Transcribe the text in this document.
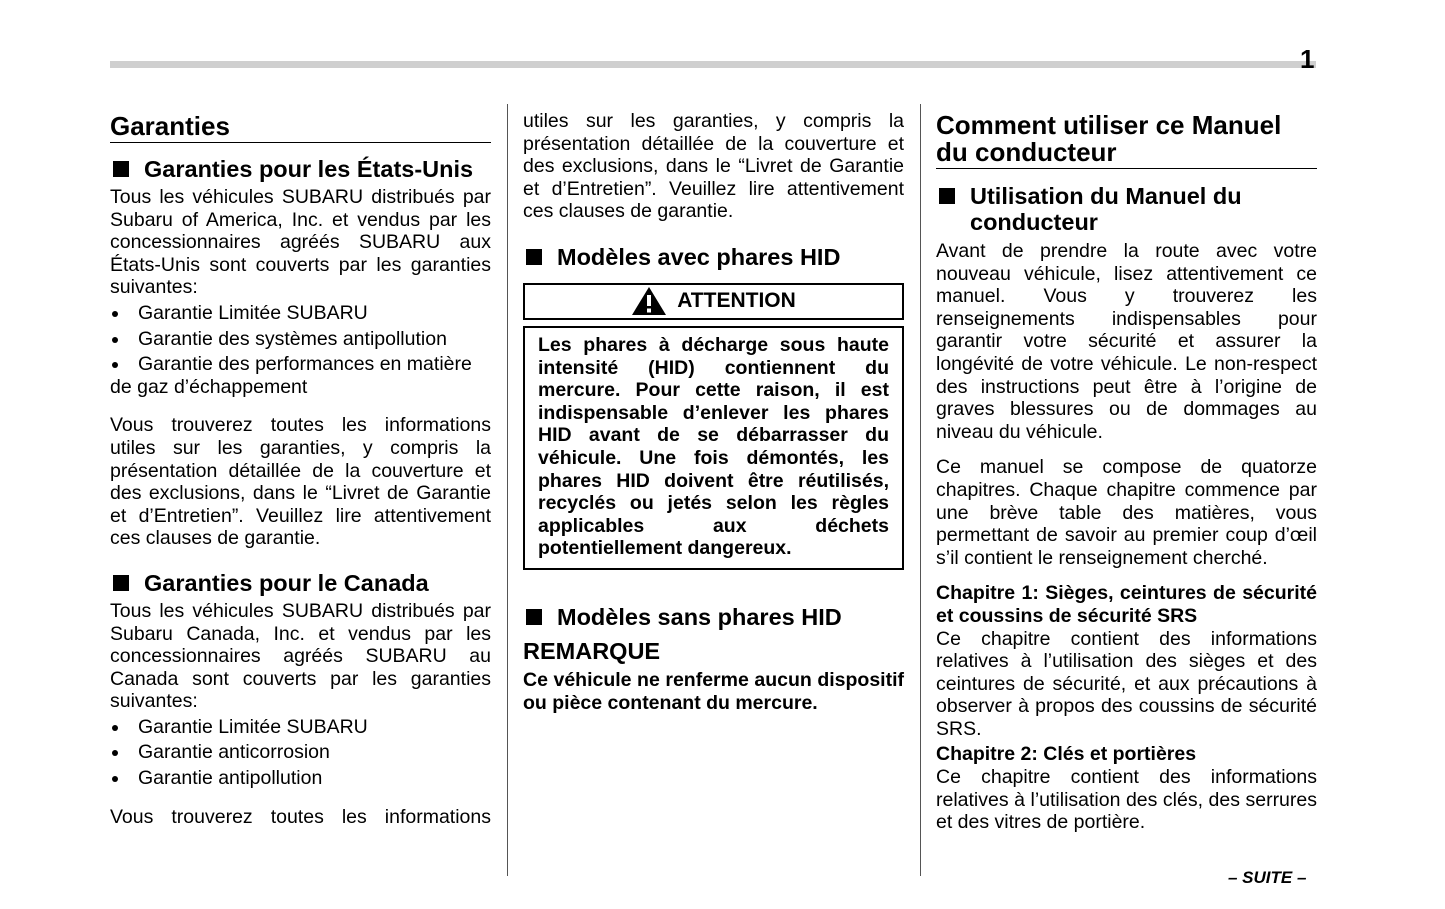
1
Garanties
Garanties pour les États-Unis

Tous les véhicules SUBARU distribués par Subaru of America, Inc. et vendus par les concessionnaires agréés SUBARU aux États-Unis sont couverts par les garanties suivantes:

Garantie Limitée SUBARU
Garantie des systèmes antipollution
Garantie des performances en matière de gaz d’échappement

Vous trouverez toutes les informations utiles sur les garanties, y compris la présentation détaillée de la couverture et des exclusions, dans le “Livret de Garantie et d’Entretien”. Veuillez lire attentivement ces clauses de garantie.

Garanties pour le Canada

Tous les véhicules SUBARU distribués par Subaru Canada, Inc. et vendus par les concessionnaires agréés SUBARU au Canada sont couverts par les garanties suivantes:

Garantie Limitée SUBARU
Garantie anticorrosion
Garantie antipollution

Vous trouverez toutes les informations

utiles sur les garanties, y compris la présentation détaillée de la couverture et des exclusions, dans le “Livret de Garantie et d’Entretien”. Veuillez lire attentivement ces clauses de garantie.

Modèles avec phares HID
ATTENTION

Les phares à décharge sous haute intensité (HID) contiennent du mercure. Pour cette raison, il est indispensable d’enlever les phares HID avant de se débarrasser du véhicule. Une fois démontés, les phares HID doivent être réutilisés, recyclés ou jetés selon les règles applicables aux déchets potentiellement dangereux.

Modèles sans phares HID
REMARQUE

Ce véhicule ne renferme aucun dispositif ou pièce contenant du mercure.

Comment utiliser ce Manuel du conducteur
Utilisation du Manuel du conducteur

Avant de prendre la route avec votre nouveau véhicule, lisez attentivement ce manuel. Vous y trouverez les renseignements indispensables pour garantir votre sécurité et assurer la longévité de votre véhicule. Le non-respect des instructions peut être à l’origine de graves blessures ou de dommages au niveau du véhicule.

Ce manuel se compose de quatorze chapitres. Chaque chapitre commence par une brève table des matières, vous permettant de savoir au premier coup d’œil s’il contient le renseignement cherché.

Chapitre 1: Sièges, ceintures de sécurité et coussins de sécurité SRS

Ce chapitre contient des informations relatives à l’utilisation des sièges et des ceintures de sécurité, et aux précautions à observer à propos des coussins de sécurité SRS.

Chapitre 2: Clés et portières

Ce chapitre contient des informations relatives à l’utilisation des clés, des serrures et des vitres de portière.

– SUITE –
